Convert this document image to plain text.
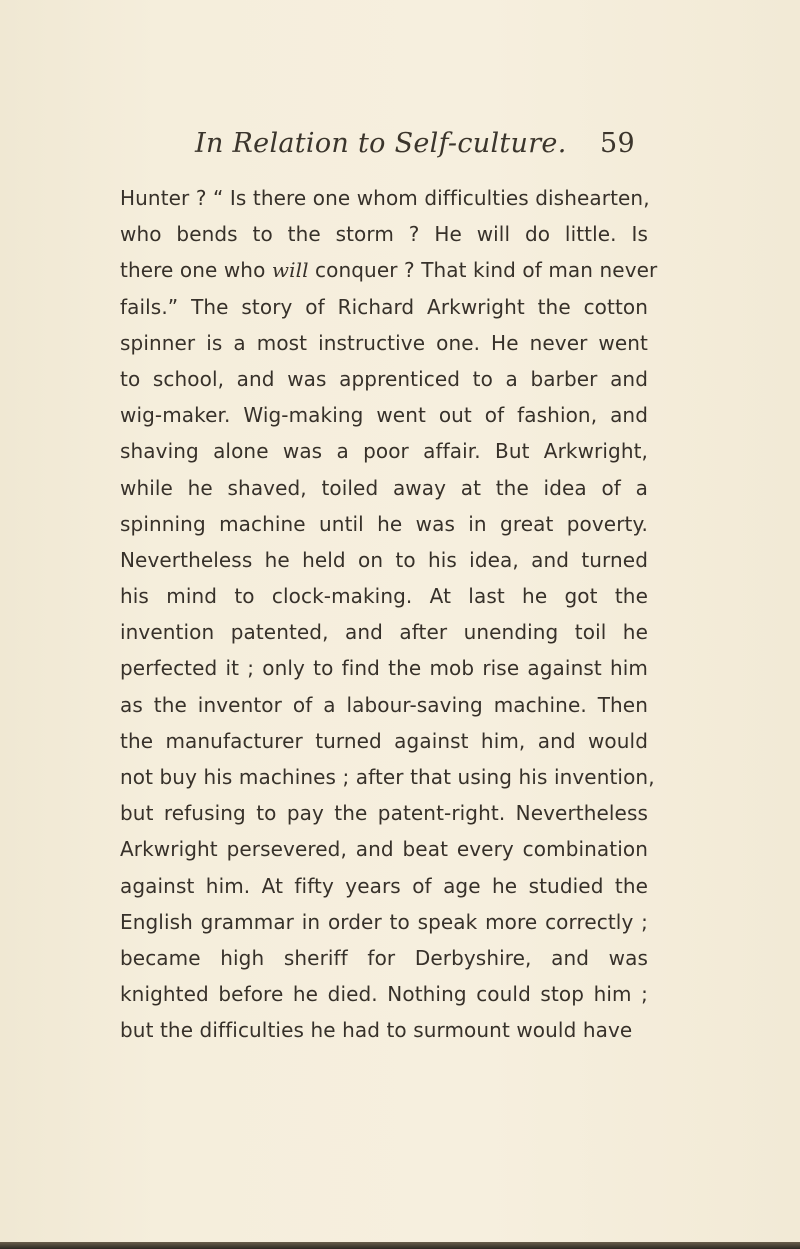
In Relation to Self-culture. 59
Hunter ? “ Is there one whom difficulties dishearten,
who bends to the storm ? He will do little. Is
there one who will conquer ? That kind of man never
fails.” The story of Richard Arkwright the cotton
spinner is a most instructive one. He never went
to school, and was apprenticed to a barber and
wig-maker. Wig-making went out of fashion, and
shaving alone was a poor affair. But Arkwright,
while he shaved, toiled away at the idea of a
spinning machine until he was in great poverty.
Nevertheless he held on to his idea, and turned
his mind to clock-making. At last he got the
invention patented, and after unending toil he
perfected it ; only to find the mob rise against him
as the inventor of a labour-saving machine. Then
the manufacturer turned against him, and would
not buy his machines ; after that using his invention,
but refusing to pay the patent-right. Nevertheless
Arkwright persevered, and beat every combination
against him. At fifty years of age he studied the
English grammar in order to speak more correctly ;
became high sheriff for Derbyshire, and was
knighted before he died. Nothing could stop him ;
but the difficulties he had to surmount would have
